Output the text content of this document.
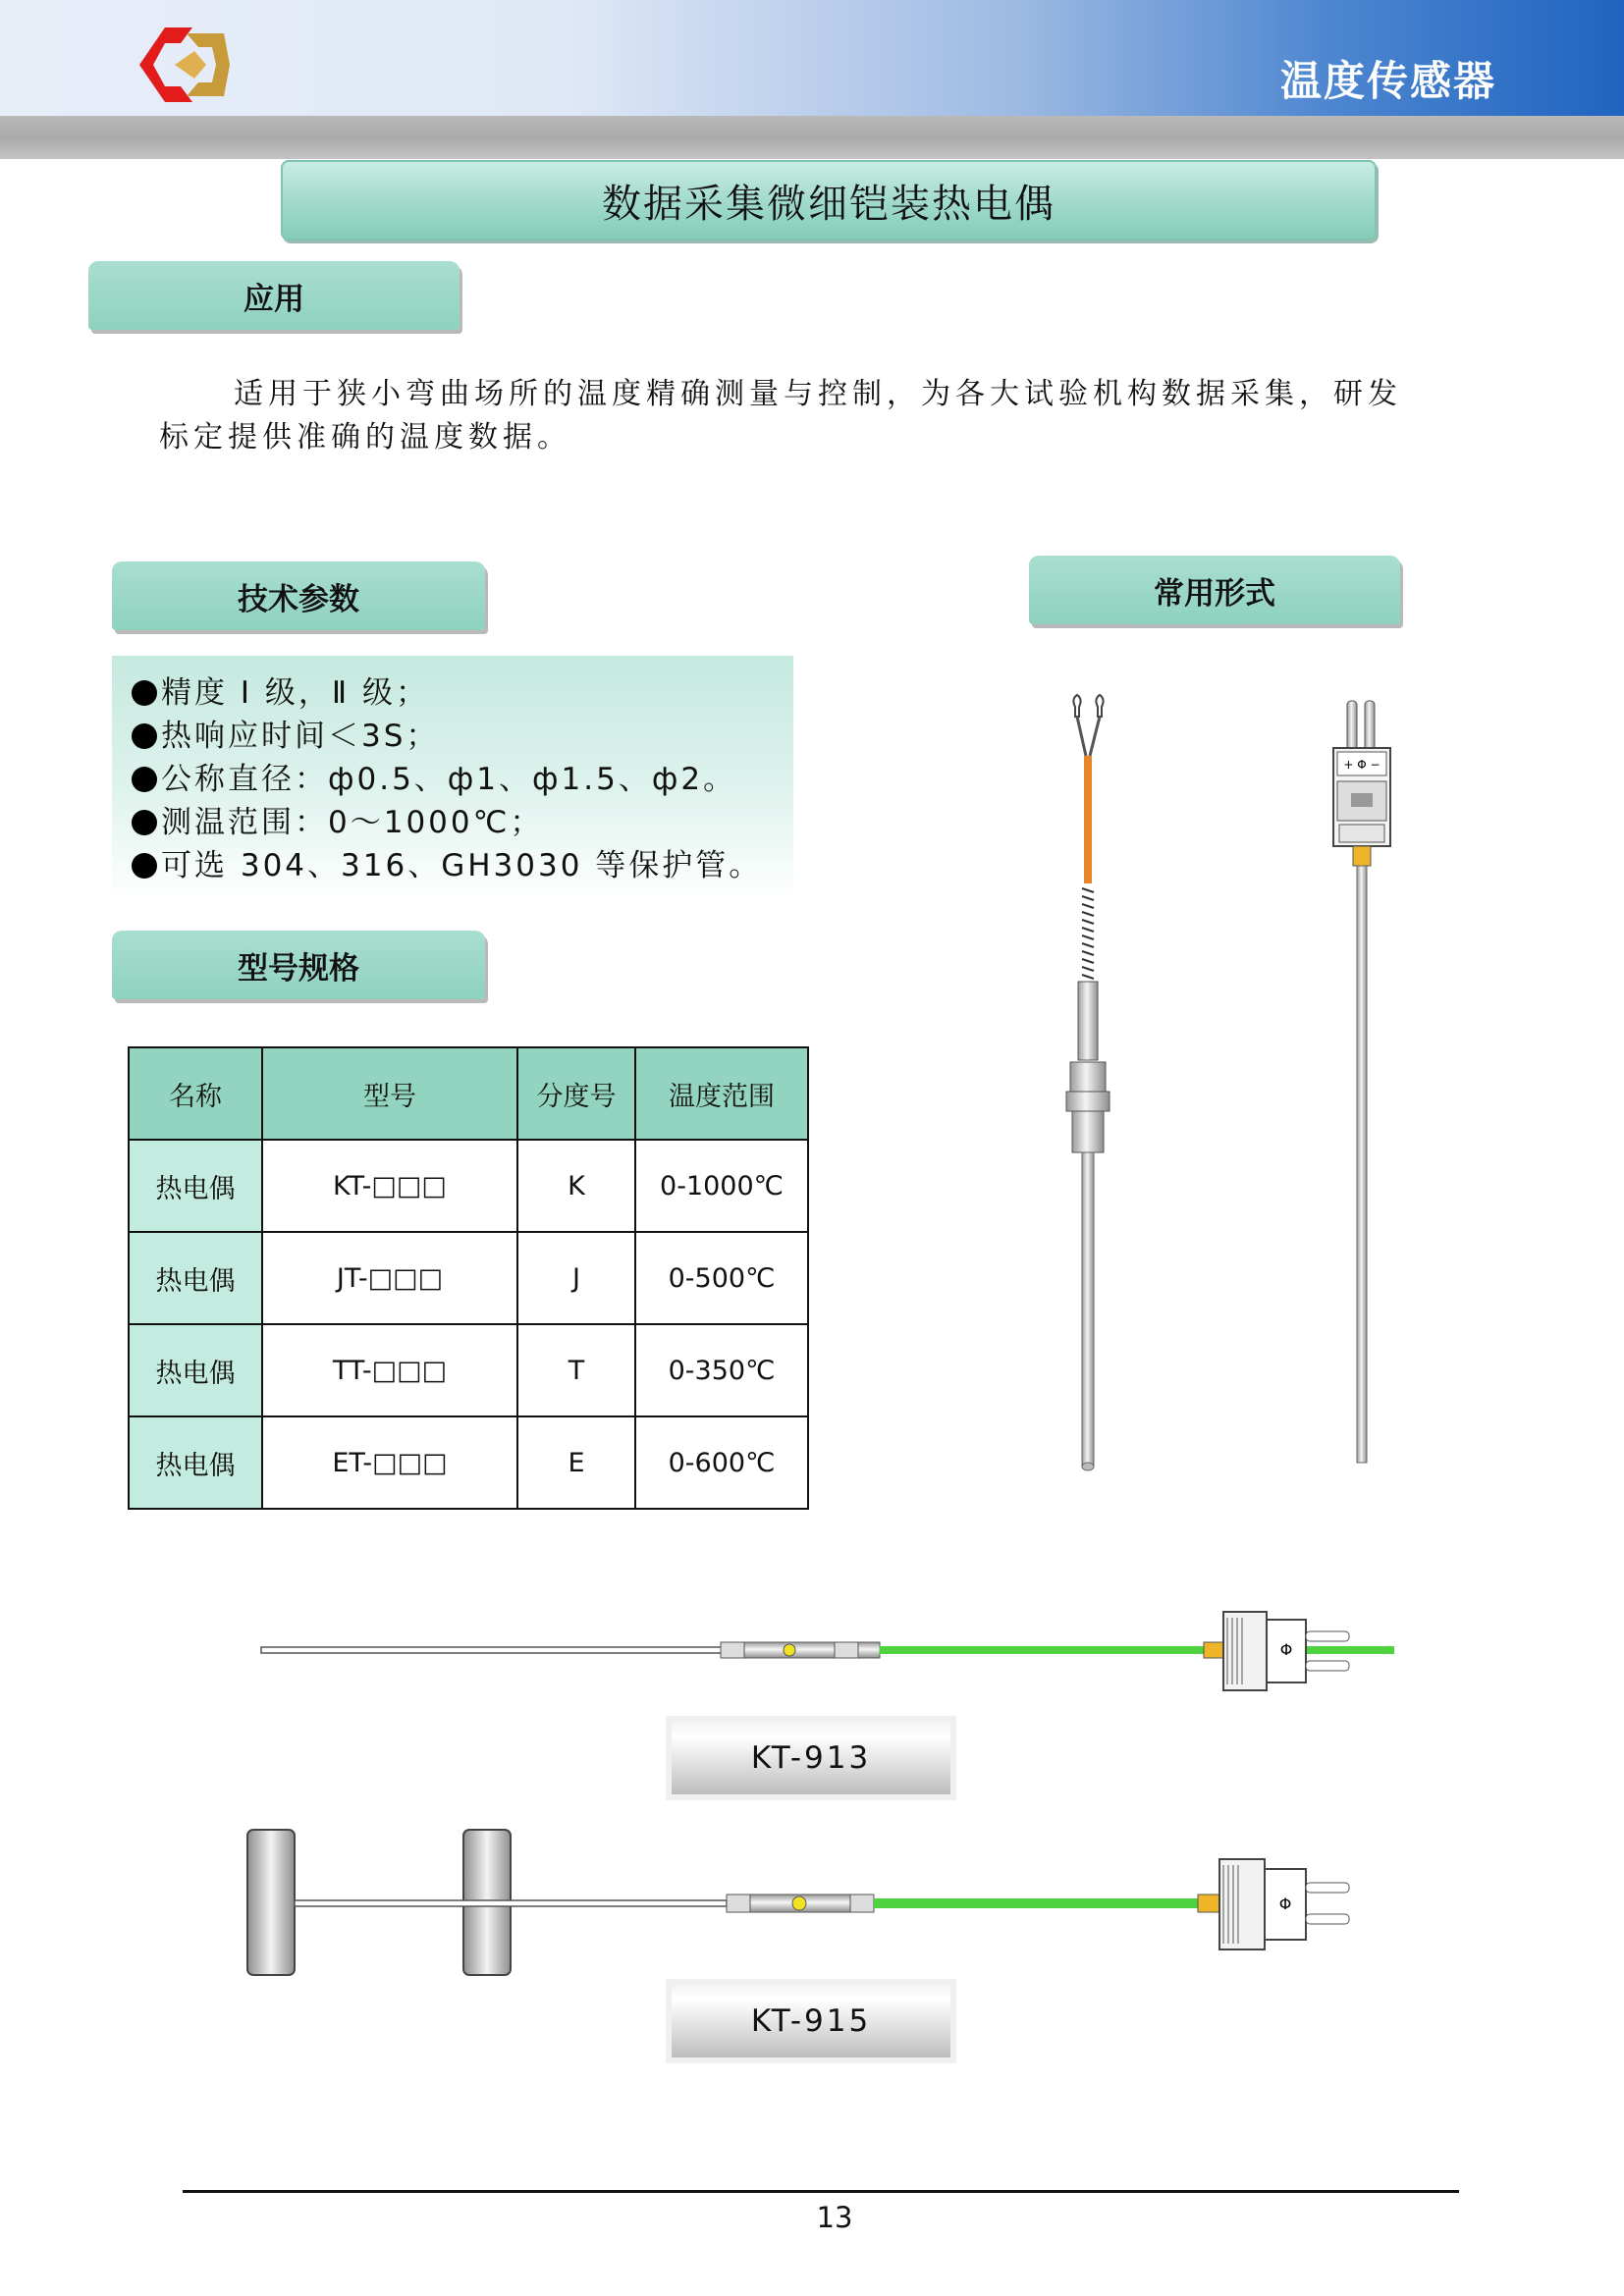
温度传感器
数据采集微细铠装热电偶
应用
适用于狭小弯曲场所的温度精确测量与控制，为各大试验机构数据采集，研发
标定提供准确的温度数据。
技术参数
精度 Ⅰ 级，Ⅱ 级；
热响应时间＜3S；
公称直径：ф0.5、ф1、ф1.5、ф2。
测温范围：0～1000℃；
可选 304、316、GH3030 等保护管。
常用形式
型号规格
名称	型号	分度号	温度范围
热电偶	KT-□□□	K	0-1000℃
热电偶	JT-□□□	J	0-500℃
热电偶	TT-□□□	T	0-350℃
热电偶	ET-□□□	E	0-600℃
+ Φ −
Φ
KT-913
Φ
KT-915
13
